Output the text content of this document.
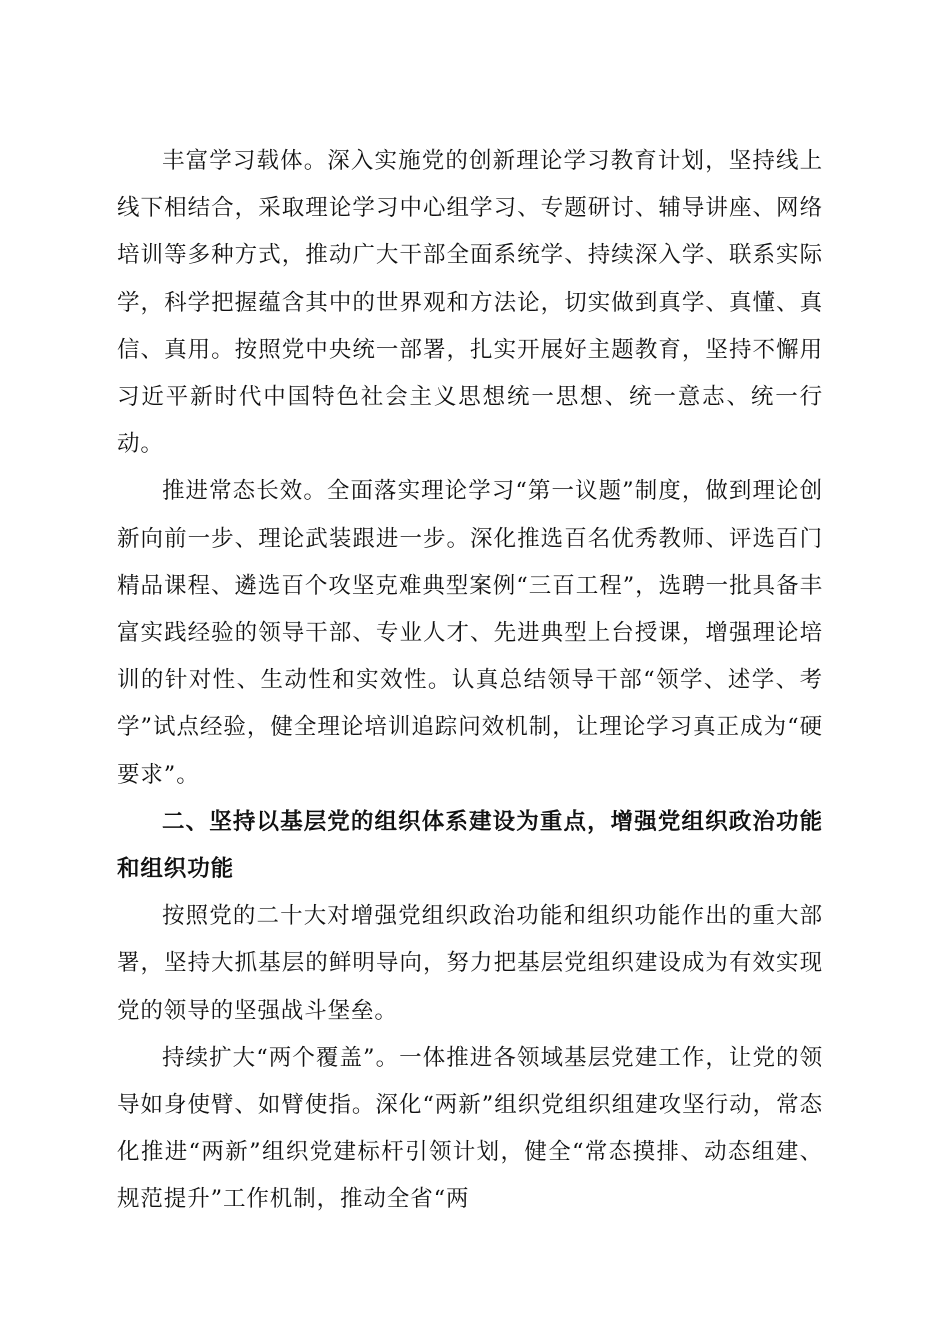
丰富学习载体。深入实施党的创新理论学习教育计划，坚持线上线下相结合，采取理论学习中心组学习、专题研讨、辅导讲座、网络培训等多种方式，推动广大干部全面系统学、持续深入学、联系实际学，科学把握蕴含其中的世界观和方法论，切实做到真学、真懂、真信、真用。按照党中央统一部署，扎实开展好主题教育，坚持不懈用习近平新时代中国特色社会主义思想统一思想、统一意志、统一行动。

推进常态长效。全面落实理论学习“第一议题”制度，做到理论创新向前一步、理论武装跟进一步。深化推选百名优秀教师、评选百门精品课程、遴选百个攻坚克难典型案例“三百工程”，选聘一批具备丰富实践经验的领导干部、专业人才、先进典型上台授课，增强理论培训的针对性、生动性和实效性。认真总结领导干部“领学、述学、考学”试点经验，健全理论培训追踪问效机制，让理论学习真正成为“硬要求”。

二、坚持以基层党的组织体系建设为重点，增强党组织政治功能和组织功能

按照党的二十大对增强党组织政治功能和组织功能作出的重大部署，坚持大抓基层的鲜明导向，努力把基层党组织建设成为有效实现党的领导的坚强战斗堡垒。

持续扩大“两个覆盖”。一体推进各领域基层党建工作，让党的领导如身使臂、如臂使指。深化“两新”组织党组织组建攻坚行动，常态化推进“两新”组织党建标杆引领计划，健全“常态摸排、动态组建、规范提升”工作机制，推动全省“两
